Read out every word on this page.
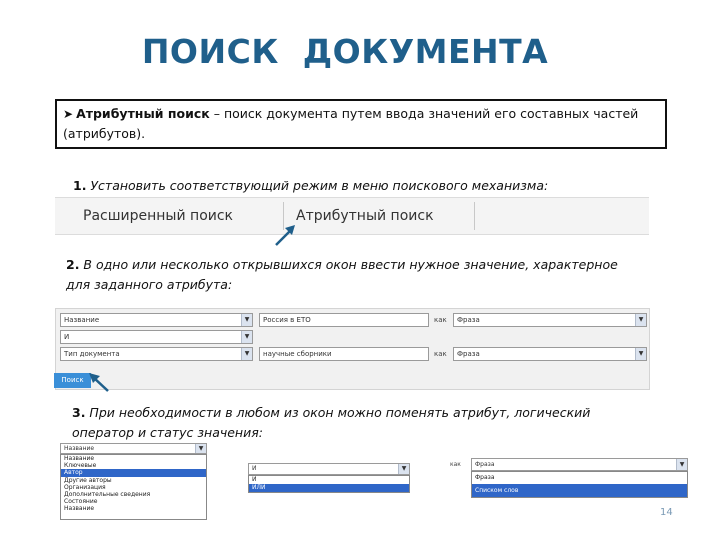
ПОИСК  ДОКУМЕНТА
➤ Атрибутный поиск – поиск документа путем ввода значений его составных частей (атрибутов).
1. Установить соответствующий режим в меню поискового механизма:
Расширенный поиск	Атрибутный поиск
2. В одно или несколько открывшихся окон ввести нужное значение, характерное для заданного атрибута:
Название	▼	Россия в ЕТО	как	Фраза	▼
И	▼
Тип документа	▼	научные сборники	как	Фраза	▼
Поиск
3. При необходимости в любом из окон можно поменять атрибут, логический оператор и статус значения:
Название	▼
Название
Ключевые
Автор
Другие авторы
Организация
Дополнительные сведения
Состояние
Название
И	▼
И
ИЛИ
как	Фраза	▼
Фраза
Списком слов
14
